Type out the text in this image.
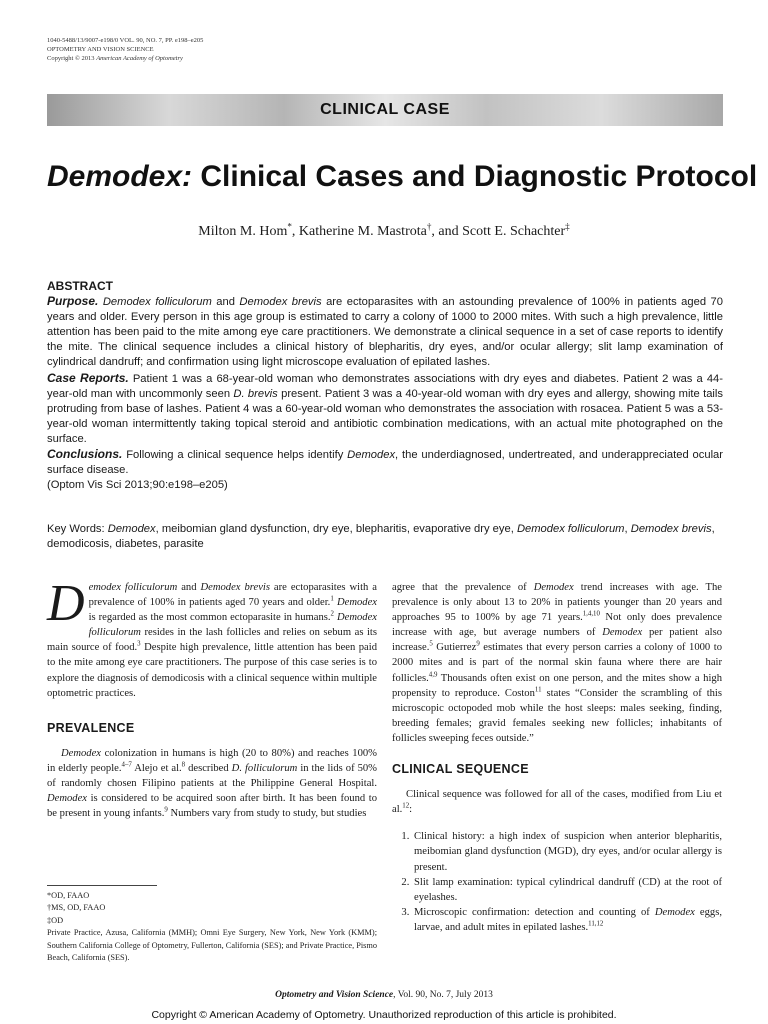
1040-5488/13/9007-e198/0 VOL. 90, NO. 7, PP. e198–e205
OPTOMETRY AND VISION SCIENCE
Copyright © 2013 American Academy of Optometry
CLINICAL CASE
Demodex: Clinical Cases and Diagnostic Protocol
Milton M. Hom*, Katherine M. Mastrota†, and Scott E. Schachter‡
ABSTRACT

Purpose. Demodex folliculorum and Demodex brevis are ectoparasites with an astounding prevalence of 100% in patients aged 70 years and older. Every person in this age group is estimated to carry a colony of 1000 to 2000 mites. With such a high prevalence, little attention has been paid to the mite among eye care practitioners. We demonstrate a clinical sequence in a set of case reports to identify the mite. The clinical sequence includes a clinical history of blepharitis, dry eyes, and/or ocular allergy; slit lamp examination of cylindrical dandruff; and confirmation using light microscope evaluation of epilated lashes.

Case Reports. Patient 1 was a 68-year-old woman who demonstrates associations with dry eyes and diabetes. Patient 2 was a 44-year-old man with uncommonly seen D. brevis present. Patient 3 was a 40-year-old woman with dry eyes and allergy, showing mite tails protruding from base of lashes. Patient 4 was a 60-year-old woman who demonstrates the association with rosacea. Patient 5 was a 53-year-old woman intermittently taking topical steroid and antibiotic combination medications, with an actual mite photographed on the surface.

Conclusions. Following a clinical sequence helps identify Demodex, the underdiagnosed, undertreated, and underappreciated ocular surface disease.

(Optom Vis Sci 2013;90:e198–e205)

Key Words: Demodex, meibomian gland dysfunction, dry eye, blepharitis, evaporative dry eye, Demodex folliculorum, Demodex brevis, demodicosis, diabetes, parasite

Demodex folliculorum and Demodex brevis are ectoparasites with a prevalence of 100% in patients aged 70 years and older.$^1$ Demodex is regarded as the most common ectoparasite in humans.$^2$ Demodex folliculorum resides in the lash follicles and relies on sebum as its main source of food.$^3$ Despite high prevalence, little attention has been paid to the mite among eye care practitioners. The purpose of this case series is to explore the diagnosis of demodicosis with a clinical sequence within multiple optometric practices.

PREVALENCE

Demodex colonization in humans is high (20 to 80%) and reaches 100% in elderly people.$^{4-7}$ Alejo et al.$^8$ described D. folliculorum in the lids of 50% of randomly chosen Filipino patients at the Philippine General Hospital. Demodex is considered to be acquired soon after birth. It has been found to be present in young infants.$^9$ Numbers vary from study to study, but studies

*OD, FAAO
†MS, OD, FAAO
‡OD
Private Practice, Azusa, California (MMH); Omni Eye Surgery, New York, New York (KMM); Southern California College of Optometry, Fullerton, California (SES); and Private Practice, Pismo Beach, California (SES).

agree that the prevalence of Demodex trend increases with age. The prevalence is only about 13 to 20% in patients younger than 20 years and approaches 95 to 100% by age 71 years.$^{1,4,10}$ Not only does prevalence increase with age, but average numbers of Demodex per patient also increase.$^5$ Gutierrez$^9$ estimates that every person carries a colony of 1000 to 2000 mites and is part of the normal skin fauna where there are hair follicles.$^{4,9}$ Thousands often exist on one person, and the mites show a high propensity to reproduce. Coston$^{11}$ states “Consider the scrambling of this microscopic octopoded mob while the host sleeps: males seeking, finding, breeding females; gravid females seeking new follicles; inhabitants of follicles sweeping feces outside.”

CLINICAL SEQUENCE

Clinical sequence was followed for all of the cases, modified from Liu et al.$^{12}$:

1. Clinical history: a high index of suspicion when anterior blepharitis, meibomian gland dysfunction (MGD), dry eyes, and/or ocular allergy is present.
2. Slit lamp examination: typical cylindrical dandruff (CD) at the root of eyelashes.
3. Microscopic confirmation: detection and counting of Demodex eggs, larvae, and adult mites in epilated lashes.$^{11,12}$
Optometry and Vision Science, Vol. 90, No. 7, July 2013
Copyright © American Academy of Optometry. Unauthorized reproduction of this article is prohibited.
